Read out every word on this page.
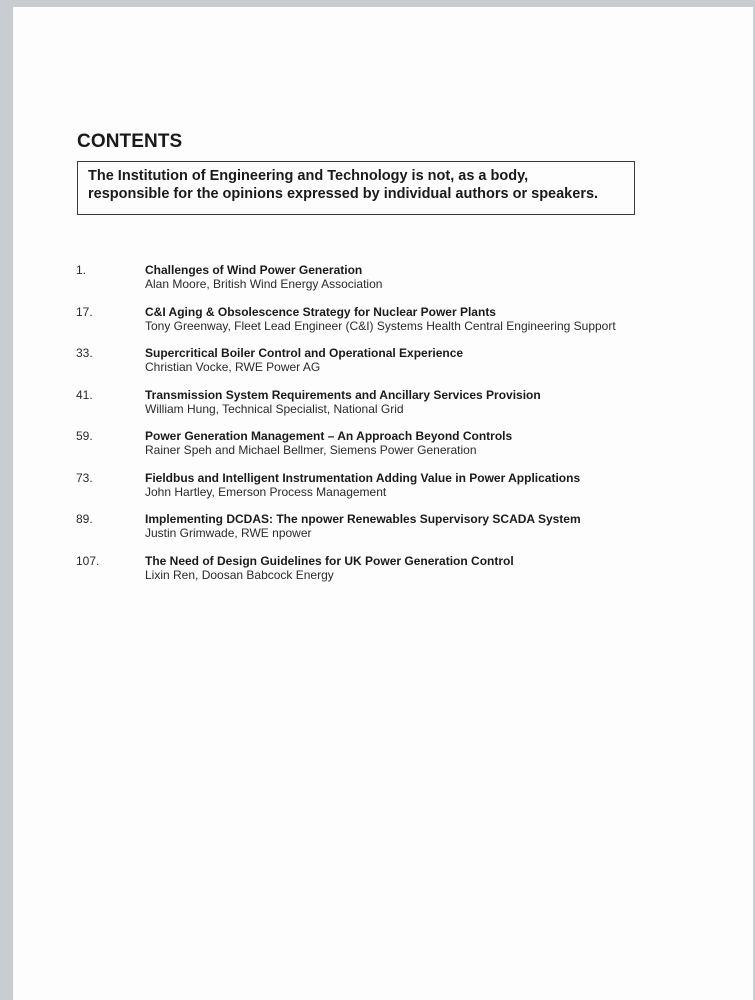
CONTENTS
The Institution of Engineering and Technology is not, as a body,
responsible for the opinions expressed by individual authors or speakers.
1.	Challenges of Wind Power Generation
Alan Moore, British Wind Energy Association
17.	C&I Aging & Obsolescence Strategy for Nuclear Power Plants
Tony Greenway, Fleet Lead Engineer (C&I) Systems Health Central Engineering Support
33.	Supercritical Boiler Control and Operational Experience
Christian Vocke, RWE Power AG
41.	Transmission System Requirements and Ancillary Services Provision
William Hung, Technical Specialist, National Grid
59.	Power Generation Management – An Approach Beyond Controls
Rainer Speh and Michael Bellmer, Siemens Power Generation
73.	Fieldbus and Intelligent Instrumentation Adding Value in Power Applications
John Hartley, Emerson Process Management
89.	Implementing DCDAS: The npower Renewables Supervisory SCADA System
Justin Grimwade, RWE npower
107.	The Need of Design Guidelines for UK Power Generation Control
Lixin Ren, Doosan Babcock Energy
